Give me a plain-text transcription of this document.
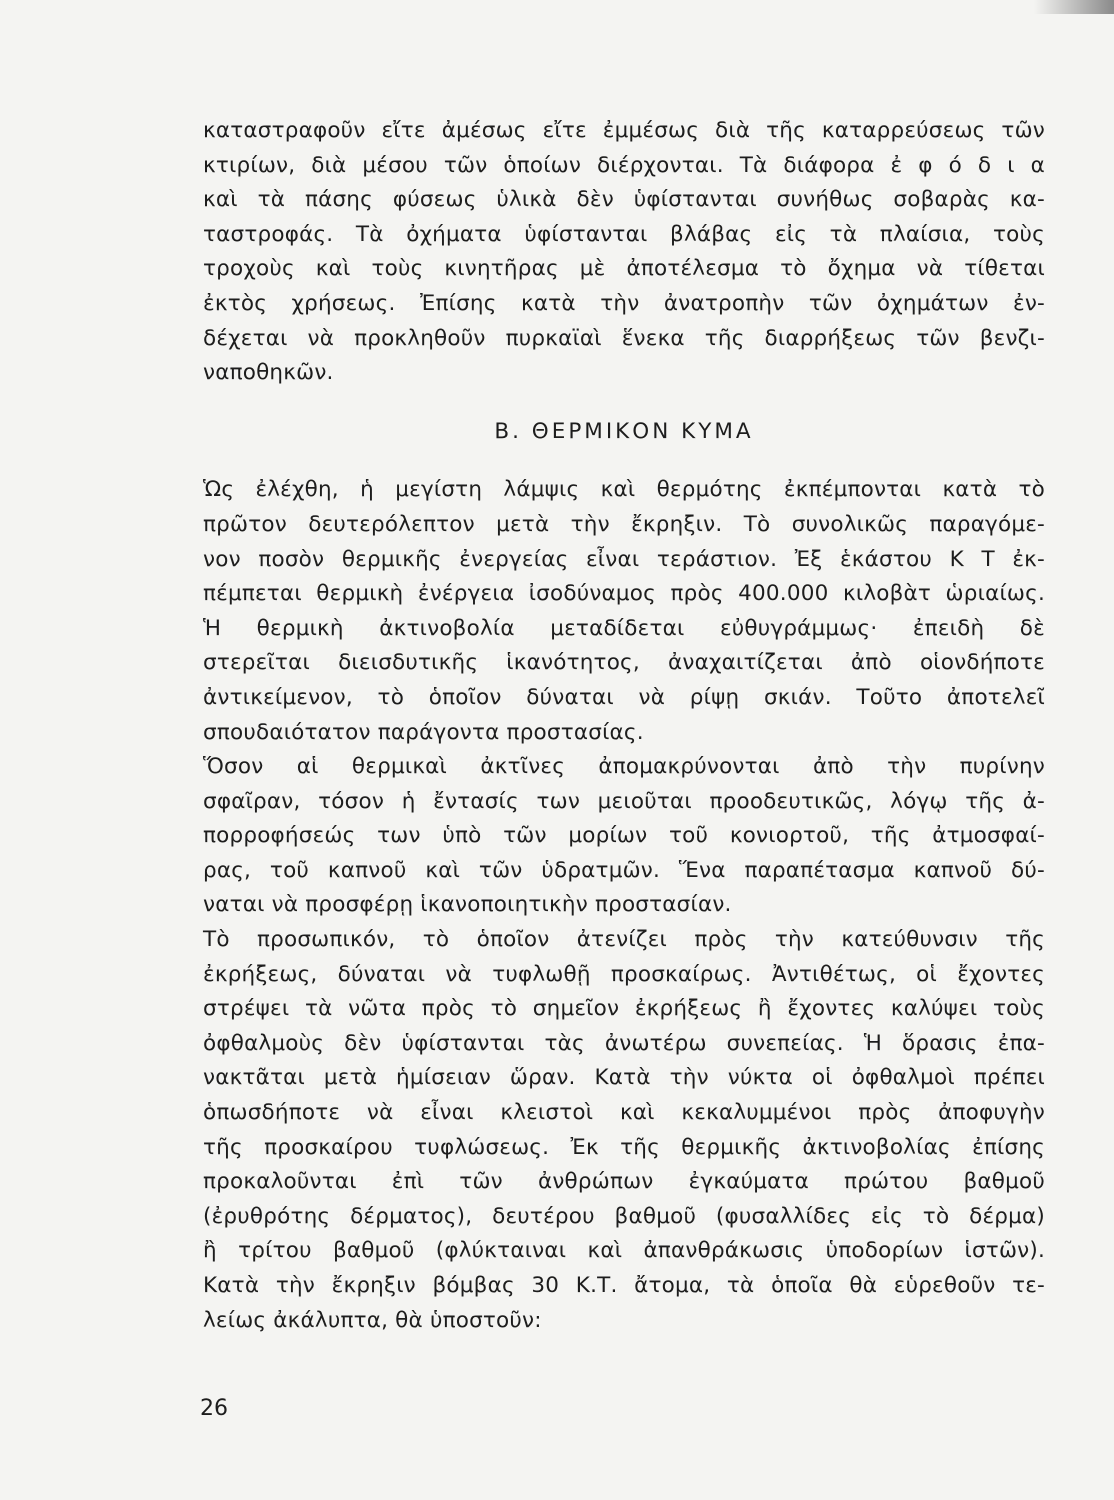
καταστραφοῦν εἴτε ἀμέσως εἴτε ἐμμέσως διὰ τῆς καταρρεύσεως τῶν
κτιρίων, διὰ μέσου τῶν ὁποίων διέρχονται. Τὰ διάφορα ἐ φ ό δ ι α
καὶ τὰ πάσης φύσεως ὑλικὰ δὲν ὑφίστανται συνήθως σοβαρὰς κα-
ταστροφάς. Τὰ ὀχήματα ὑφίστανται βλάβας εἰς τὰ πλαίσια, τοὺς
τροχοὺς καὶ τοὺς κινητῆρας μὲ ἀποτέλεσμα τὸ ὄχημα νὰ τίθεται
ἐκτὸς χρήσεως. Ἐπίσης κατὰ τὴν ἀνατροπὴν τῶν ὀχημάτων ἐν-
δέχεται νὰ προκληθοῦν πυρκαϊαὶ ἕνεκα τῆς διαρρήξεως τῶν βενζι-
ναποθηκῶν.
Β. ΘΕΡΜΙΚΟΝ ΚΥΜΑ
Ὡς ἐλέχθη, ἡ μεγίστη λάμψις καὶ θερμότης ἐκπέμπονται κατὰ τὸ
πρῶτον δευτερόλεπτον μετὰ τὴν ἔκρηξιν. Τὸ συνολικῶς παραγόμε-
νον ποσὸν θερμικῆς ἐνεργείας εἶναι τεράστιον. Ἐξ ἑκάστου Κ Τ ἐκ-
πέμπεται θερμικὴ ἐνέργεια ἰσοδύναμος πρὸς 400.000 κιλοβὰτ ὡριαίως.
Ἡ θερμικὴ ἀκτινοβολία μεταδίδεται εὐθυγράμμως· ἐπειδὴ δὲ
στερεῖται διεισδυτικῆς ἱκανότητος, ἀναχαιτίζεται ἀπὸ οἱονδήποτε
ἀντικείμενον, τὸ ὁποῖον δύναται νὰ ρίψῃ σκιάν. Τοῦτο ἀποτελεῖ
σπουδαιότατον παράγοντα προστασίας.
Ὅσον αἱ θερμικαὶ ἀκτῖνες ἀπομακρύνονται ἀπὸ τὴν πυρίνην
σφαῖραν, τόσον ἡ ἔντασίς των μειοῦται προοδευτικῶς, λόγῳ τῆς ἀ-
πορροφήσεώς των ὑπὸ τῶν μορίων τοῦ κονιορτοῦ, τῆς ἀτμοσφαί-
ρας, τοῦ καπνοῦ καὶ τῶν ὑδρατμῶν. Ἕνα παραπέτασμα καπνοῦ δύ-
ναται νὰ προσφέρῃ ἱκανοποιητικὴν προστασίαν.
Τὸ προσωπικόν, τὸ ὁποῖον ἀτενίζει πρὸς τὴν κατεύθυνσιν τῆς
ἐκρήξεως, δύναται νὰ τυφλωθῇ προσκαίρως. Ἀντιθέτως, οἱ ἔχοντες
στρέψει τὰ νῶτα πρὸς τὸ σημεῖον ἐκρήξεως ἢ ἔχοντες καλύψει τοὺς
ὀφθαλμοὺς δὲν ὑφίστανται τὰς ἀνωτέρω συνεπείας. Ἡ ὅρασις ἐπα-
νακτᾶται μετὰ ἡμίσειαν ὥραν. Κατὰ τὴν νύκτα οἱ ὀφθαλμοὶ πρέπει
ὁπωσδήποτε νὰ εἶναι κλειστοὶ καὶ κεκαλυμμένοι πρὸς ἀποφυγὴν
τῆς προσκαίρου τυφλώσεως. Ἐκ τῆς θερμικῆς ἀκτινοβολίας ἐπίσης
προκαλοῦνται ἐπὶ τῶν ἀνθρώπων ἐγκαύματα πρώτου βαθμοῦ
(ἐρυθρότης δέρματος), δευτέρου βαθμοῦ (φυσαλλίδες εἰς τὸ δέρμα)
ἢ τρίτου βαθμοῦ (φλύκταιναι καὶ ἀπανθράκωσις ὑποδορίων ἱστῶν).
Κατὰ τὴν ἔκρηξιν βόμβας 30 Κ.Τ. ἄτομα, τὰ ὁποῖα θὰ εὑρεθοῦν τε-
λείως ἀκάλυπτα, θὰ ὑποστοῦν:
26
